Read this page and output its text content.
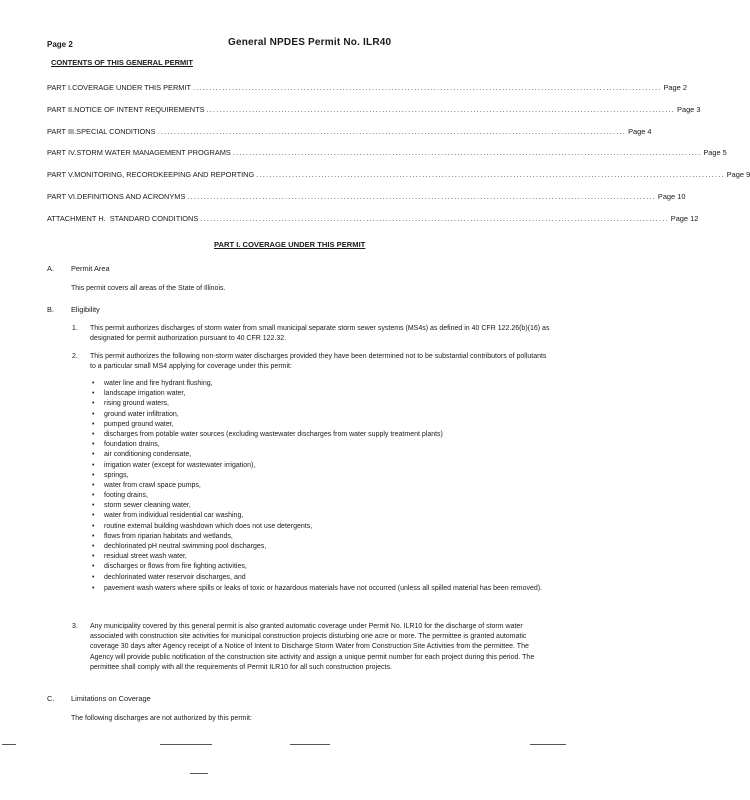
Page 2	General NPDES Permit No. ILR40
CONTENTS OF THIS GENERAL PERMIT
PART I. COVERAGE UNDER THIS PERMIT ................................................................................................................................................ Page 2
PART II. NOTICE OF INTENT REQUIREMENTS ................................................................................................................................................ Page 3
PART III. SPECIAL CONDITIONS ................................................................................................................................................ Page 4
PART IV. STORM WATER MANAGEMENT PROGRAMS ................................................................................................................................................ Page 5
PART V. MONITORING, RECORDKEEPING AND REPORTING ................................................................................................................................................ Page 9
PART VI. DEFINITIONS AND ACRONYMS ................................................................................................................................................ Page 10
ATTACHMENT H. STANDARD CONDITIONS ................................................................................................................................................ Page 12
PART I. COVERAGE UNDER THIS PERMIT
A. Permit Area
This permit covers all areas of the State of Illinois.
B. Eligibility
1. This permit authorizes discharges of storm water from small municipal separate storm sewer systems (MS4s) as defined in 40 CFR 122.26(b)(16) as designated for permit authorization pursuant to 40 CFR 122.32.
2. This permit authorizes the following non-storm water discharges provided they have been determined not to be substantial contributors of pollutants to a particular small MS4 applying for coverage under this permit:
• water line and fire hydrant flushing,
• landscape irrigation water,
• rising ground waters,
• ground water infiltration,
• pumped ground water,
• discharges from potable water sources (excluding wastewater discharges from water supply treatment plants)
• foundation drains,
• air conditioning condensate,
• irrigation water (except for wastewater irrigation),
• springs,
• water from crawl space pumps,
• footing drains,
• storm sewer cleaning water,
• water from individual residential car washing,
• routine external building washdown which does not use detergents,
• flows from riparian habitats and wetlands,
• dechlorinated pH neutral swimming pool discharges,
• residual street wash water,
• discharges or flows from fire fighting activities,
• dechlorinated water reservoir discharges, and
• pavement wash waters where spills or leaks of toxic or hazardous materials have not occurred (unless all spilled material has been removed).
3. Any municipality covered by this general permit is also granted automatic coverage under Permit No. ILR10 for the discharge of storm water associated with construction site activities for municipal construction projects disturbing one acre or more. The permittee is granted automatic coverage 30 days after Agency receipt of a Notice of Intent to Discharge Storm Water from Construction Site Activities from the permittee. The Agency will provide public notification of the construction site activity and assign a unique permit number for each project during this period. The permittee shall comply with all the requirements of Permit ILR10 for all such construction projects.
C. Limitations on Coverage
The following discharges are not authorized by this permit:
